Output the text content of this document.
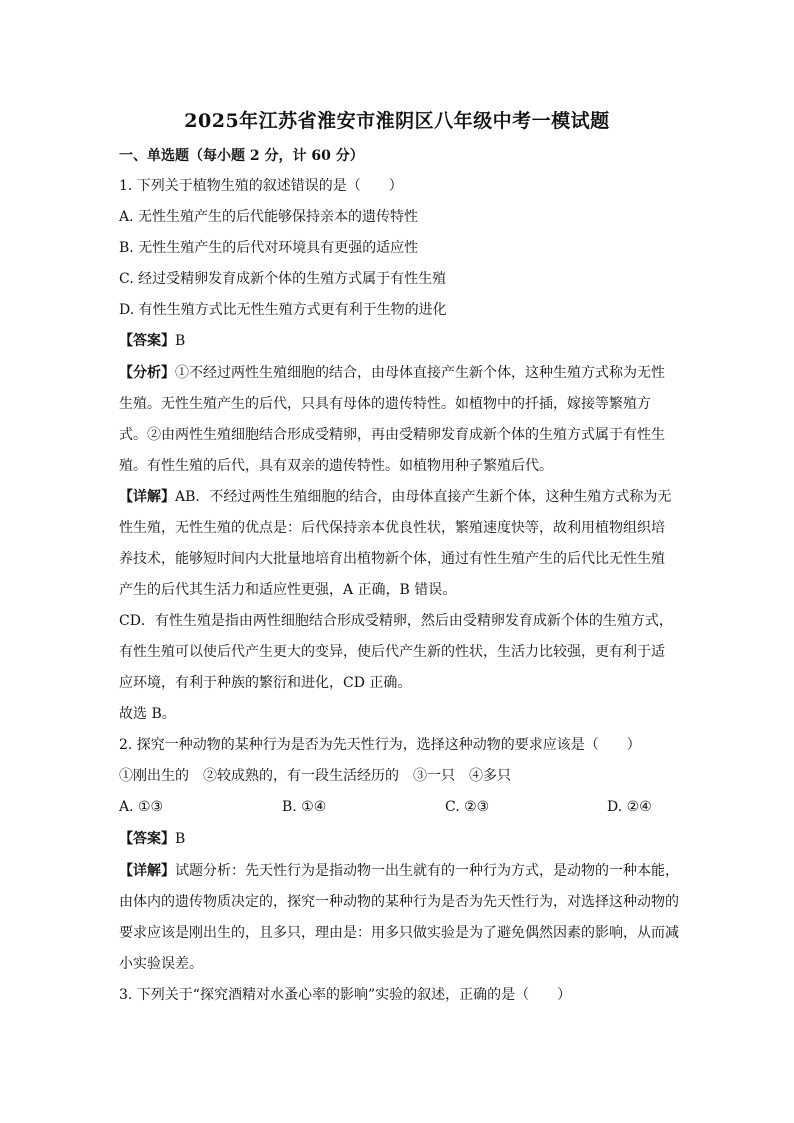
2025年江苏省淮安市淮阴区八年级中考一模试题
一、单选题（每小题 2 分，计 60 分）
1. 下列关于植物生殖的叙述错误的是（　　）
A. 无性生殖产生的后代能够保持亲本的遗传特性
B. 无性生殖产生的后代对环境具有更强的适应性
C. 经过受精卵发育成新个体的生殖方式属于有性生殖
D. 有性生殖方式比无性生殖方式更有利于生物的进化
【答案】B
【分析】①不经过两性生殖细胞的结合，由母体直接产生新个体，这种生殖方式称为无性
生殖。无性生殖产生的后代，只具有母体的遗传特性。如植物中的扦插，嫁接等繁殖方
式。②由两性生殖细胞结合形成受精卵，再由受精卵发育成新个体的生殖方式属于有性生
殖。有性生殖的后代，具有双亲的遗传特性。如植物用种子繁殖后代。
【详解】AB．不经过两性生殖细胞的结合，由母体直接产生新个体，这种生殖方式称为无
性生殖，无性生殖的优点是：后代保持亲本优良性状，繁殖速度快等，故利用植物组织培
养技术，能够短时间内大批量地培育出植物新个体，通过有性生殖产生的后代比无性生殖
产生的后代其生活力和适应性更强，A 正确，B 错误。
CD．有性生殖是指由两性细胞结合形成受精卵，然后由受精卵发育成新个体的生殖方式，
有性生殖可以使后代产生更大的变异，使后代产生新的性状，生活力比较强，更有利于适
应环境，有利于种族的繁衍和进化，CD 正确。
故选 B。
2. 探究一种动物的某种行为是否为先天性行为，选择这种动物的要求应该是（　　）
①刚出生的　②较成熟的，有一段生活经历的　③一只　④多只
A. ①③	B. ①④	C. ②③	D. ②④
【答案】B
【详解】试题分析：先天性行为是指动物一出生就有的一种行为方式，是动物的一种本能，
由体内的遗传物质决定的，探究一种动物的某种行为是否为先天性行为，对选择这种动物的
要求应该是刚出生的，且多只，理由是：用多只做实验是为了避免偶然因素的影响，从而减
小实验误差。
3. 下列关于“探究酒精对水蚤心率的影响”实验的叙述，正确的是（　　）
